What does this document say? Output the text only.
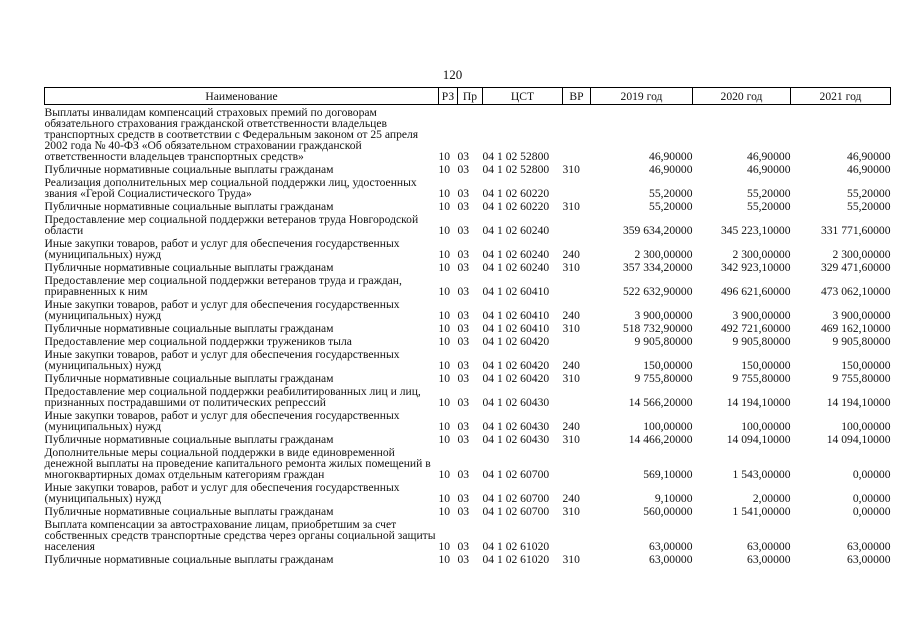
120
Наименование	РЗ	Пр	ЦСТ	ВР	2019 год	2020 год	2021 год
Выплаты инвалидам компенсаций страховых премий по договорам обязательного страхования гражданской ответственности владельцев транспортных средств в соответствии с Федеральным законом от 25 апреля 2002 года № 40-ФЗ «Об обязательном страховании гражданской ответственности владельцев транспортных средств»	10	03	04 1 02 52800		46,90000	46,90000	46,90000
Публичные нормативные социальные выплаты гражданам	10	03	04 1 02 52800	310	46,90000	46,90000	46,90000
Реализация дополнительных мер социальной поддержки лиц, удостоенных звания «Герой Социалистического Труда»	10	03	04 1 02 60220		55,20000	55,20000	55,20000
Публичные нормативные социальные выплаты гражданам	10	03	04 1 02 60220	310	55,20000	55,20000	55,20000
Предоставление мер социальной поддержки ветеранов труда Новгородской области	10	03	04 1 02 60240		359 634,20000	345 223,10000	331 771,60000
Иные закупки товаров, работ и услуг для обеспечения государственных (муниципальных) нужд	10	03	04 1 02 60240	240	2 300,00000	2 300,00000	2 300,00000
Публичные нормативные социальные выплаты гражданам	10	03	04 1 02 60240	310	357 334,20000	342 923,10000	329 471,60000
Предоставление мер социальной поддержки ветеранов труда и граждан, приравненных к ним	10	03	04 1 02 60410		522 632,90000	496 621,60000	473 062,10000
Иные закупки товаров, работ и услуг для обеспечения государственных (муниципальных) нужд	10	03	04 1 02 60410	240	3 900,00000	3 900,00000	3 900,00000
Публичные нормативные социальные выплаты гражданам	10	03	04 1 02 60410	310	518 732,90000	492 721,60000	469 162,10000
Предоставление мер социальной поддержки тружеников тыла	10	03	04 1 02 60420		9 905,80000	9 905,80000	9 905,80000
Иные закупки товаров, работ и услуг для обеспечения государственных (муниципальных) нужд	10	03	04 1 02 60420	240	150,00000	150,00000	150,00000
Публичные нормативные социальные выплаты гражданам	10	03	04 1 02 60420	310	9 755,80000	9 755,80000	9 755,80000
Предоставление мер социальной поддержки реабилитированных лиц и лиц, признанных пострадавшими от политических репрессий	10	03	04 1 02 60430		14 566,20000	14 194,10000	14 194,10000
Иные закупки товаров, работ и услуг для обеспечения государственных (муниципальных) нужд	10	03	04 1 02 60430	240	100,00000	100,00000	100,00000
Публичные нормативные социальные выплаты гражданам	10	03	04 1 02 60430	310	14 466,20000	14 094,10000	14 094,10000
Дополнительные меры социальной поддержки в виде единовременной денежной выплаты на проведение капитального ремонта жилых помещений в многоквартирных домах отдельным категориям граждан	10	03	04 1 02 60700		569,10000	1 543,00000	0,00000
Иные закупки товаров, работ и услуг для обеспечения государственных (муниципальных) нужд	10	03	04 1 02 60700	240	9,10000	2,00000	0,00000
Публичные нормативные социальные выплаты гражданам	10	03	04 1 02 60700	310	560,00000	1 541,00000	0,00000
Выплата компенсации за автострахование лицам, приобретшим за счет собственных средств транспортные средства через органы социальной защиты населения	10	03	04 1 02 61020		63,00000	63,00000	63,00000
Публичные нормативные социальные выплаты гражданам	10	03	04 1 02 61020	310	63,00000	63,00000	63,00000
